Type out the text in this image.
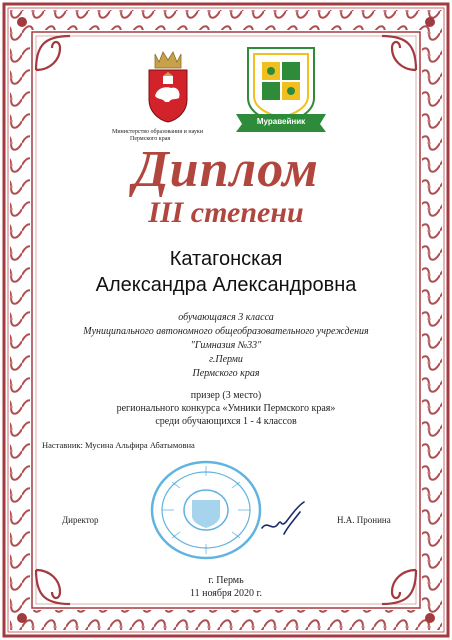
Министерство образования и науки
Пермского края
Муравейник
Диплом
III степени
Катагонская
Александра Александровна
обучающаяся 3 класса
Муниципального автономного общеобразовательного учреждения
"Гимназия №33"
г.Перми
Пермского края
призер (3 место)
регионального конкурса «Умники Пермского края»
среди обучающихся 1 - 4 классов
Наставник: Мусина Альфира Абатымовна
Директор	Н.А. Пронина
г. Пермь
11 ноября 2020 г.
